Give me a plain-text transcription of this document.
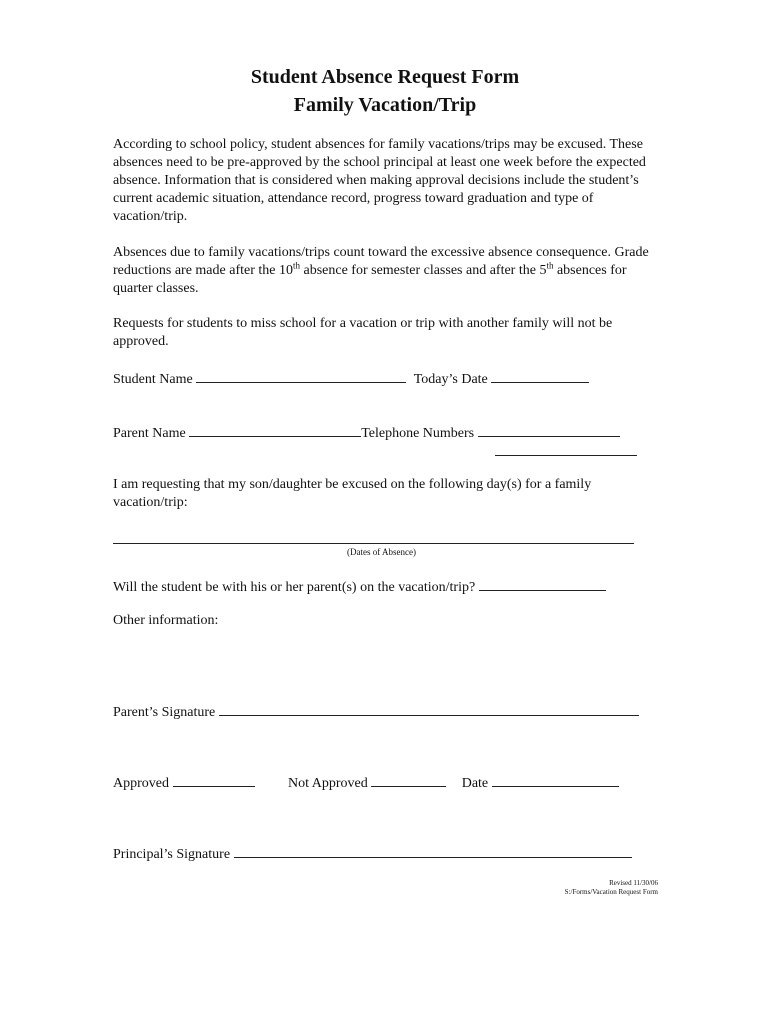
Student Absence Request Form
Family Vacation/Trip

According to school policy, student absences for family vacations/trips may be excused. These absences need to be pre-approved by the school principal at least one week before the expected absence. Information that is considered when making approval decisions include the student’s current academic situation, attendance record, progress toward graduation and type of vacation/trip.

Absences due to family vacations/trips count toward the excessive absence consequence. Grade reductions are made after the 10th absence for semester classes and after the 5th absences for quarter classes.

Requests for students to miss school for a vacation or trip with another family will not be approved.

Student Name	Today’s Date
Parent Name	Telephone Numbers

I am requesting that my son/daughter be excused on the following day(s) for a family vacation/trip:

(Dates of Absence)
Will the student be with his or her parent(s) on the vacation/trip?
Other information:
Parent’s Signature
Approved	Not Approved	Date
Principal’s Signature
Revised 11/30/06
S:/Forms/Vacation Request Form
